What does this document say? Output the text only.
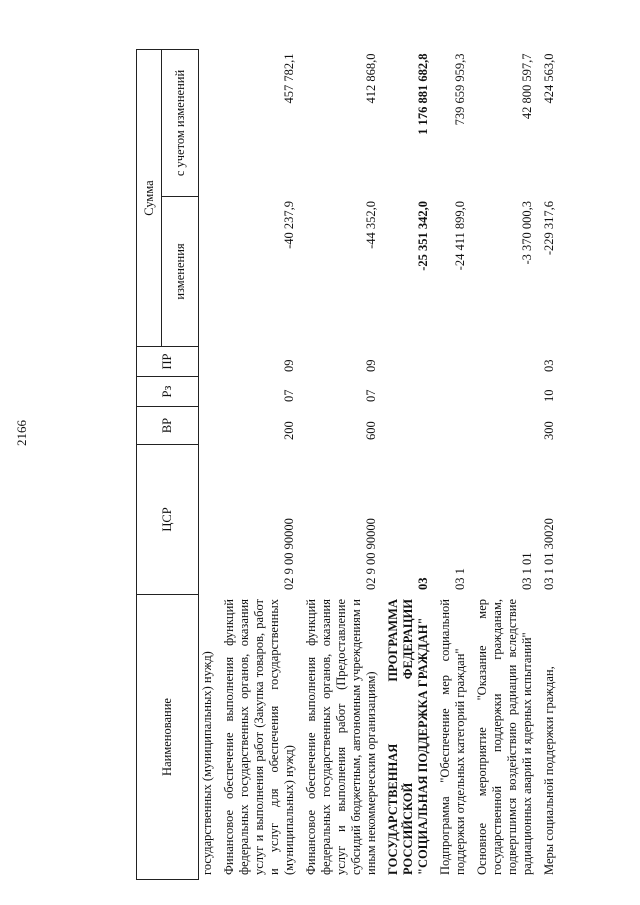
2166
Наименование	ЦСР	ВР	Рз	ПР	Сумма	
					изменения	с учетом изменений
государственных (муниципальных) нужд)						
Финансовое обеспечение выполнения функций федеральных государственных органов, оказания услуг и выполнения работ (Закупка товаров, работ и услуг для обеспечения государственных (муниципальных) нужд)	02 9 00 90000	200	07	09	-40 237,9	457 782,1
Финансовое обеспечение выполнения функций федеральных государственных органов, оказания услуг и выполнения работ (Предоставление субсидий бюджетным, автономным учреждениям и иным некоммерческим организациям)	02 9 00 90000	600	07	09	-44 352,0	412 868,0
ГОСУДАРСТВЕННАЯ ПРОГРАММА РОССИЙСКОЙ ФЕДЕРАЦИИ "СОЦИАЛЬНАЯ ПОДДЕРЖКА ГРАЖДАН"	03				-25 351 342,0	1 176 881 682,8
Подпрограмма "Обеспечение мер социальной поддержки отдельных категорий граждан"	03 1				-24 411 899,0	739 659 959,3
Основное мероприятие "Оказание мер государственной поддержки гражданам, подвергшимся воздействию радиации вследствие радиационных аварий и ядерных испытаний"	03 1 01				-3 370 000,3	42 800 597,7
Меры социальной поддержки граждан,	03 1 01 30020	300	10	03	-229 317,6	424 563,0
